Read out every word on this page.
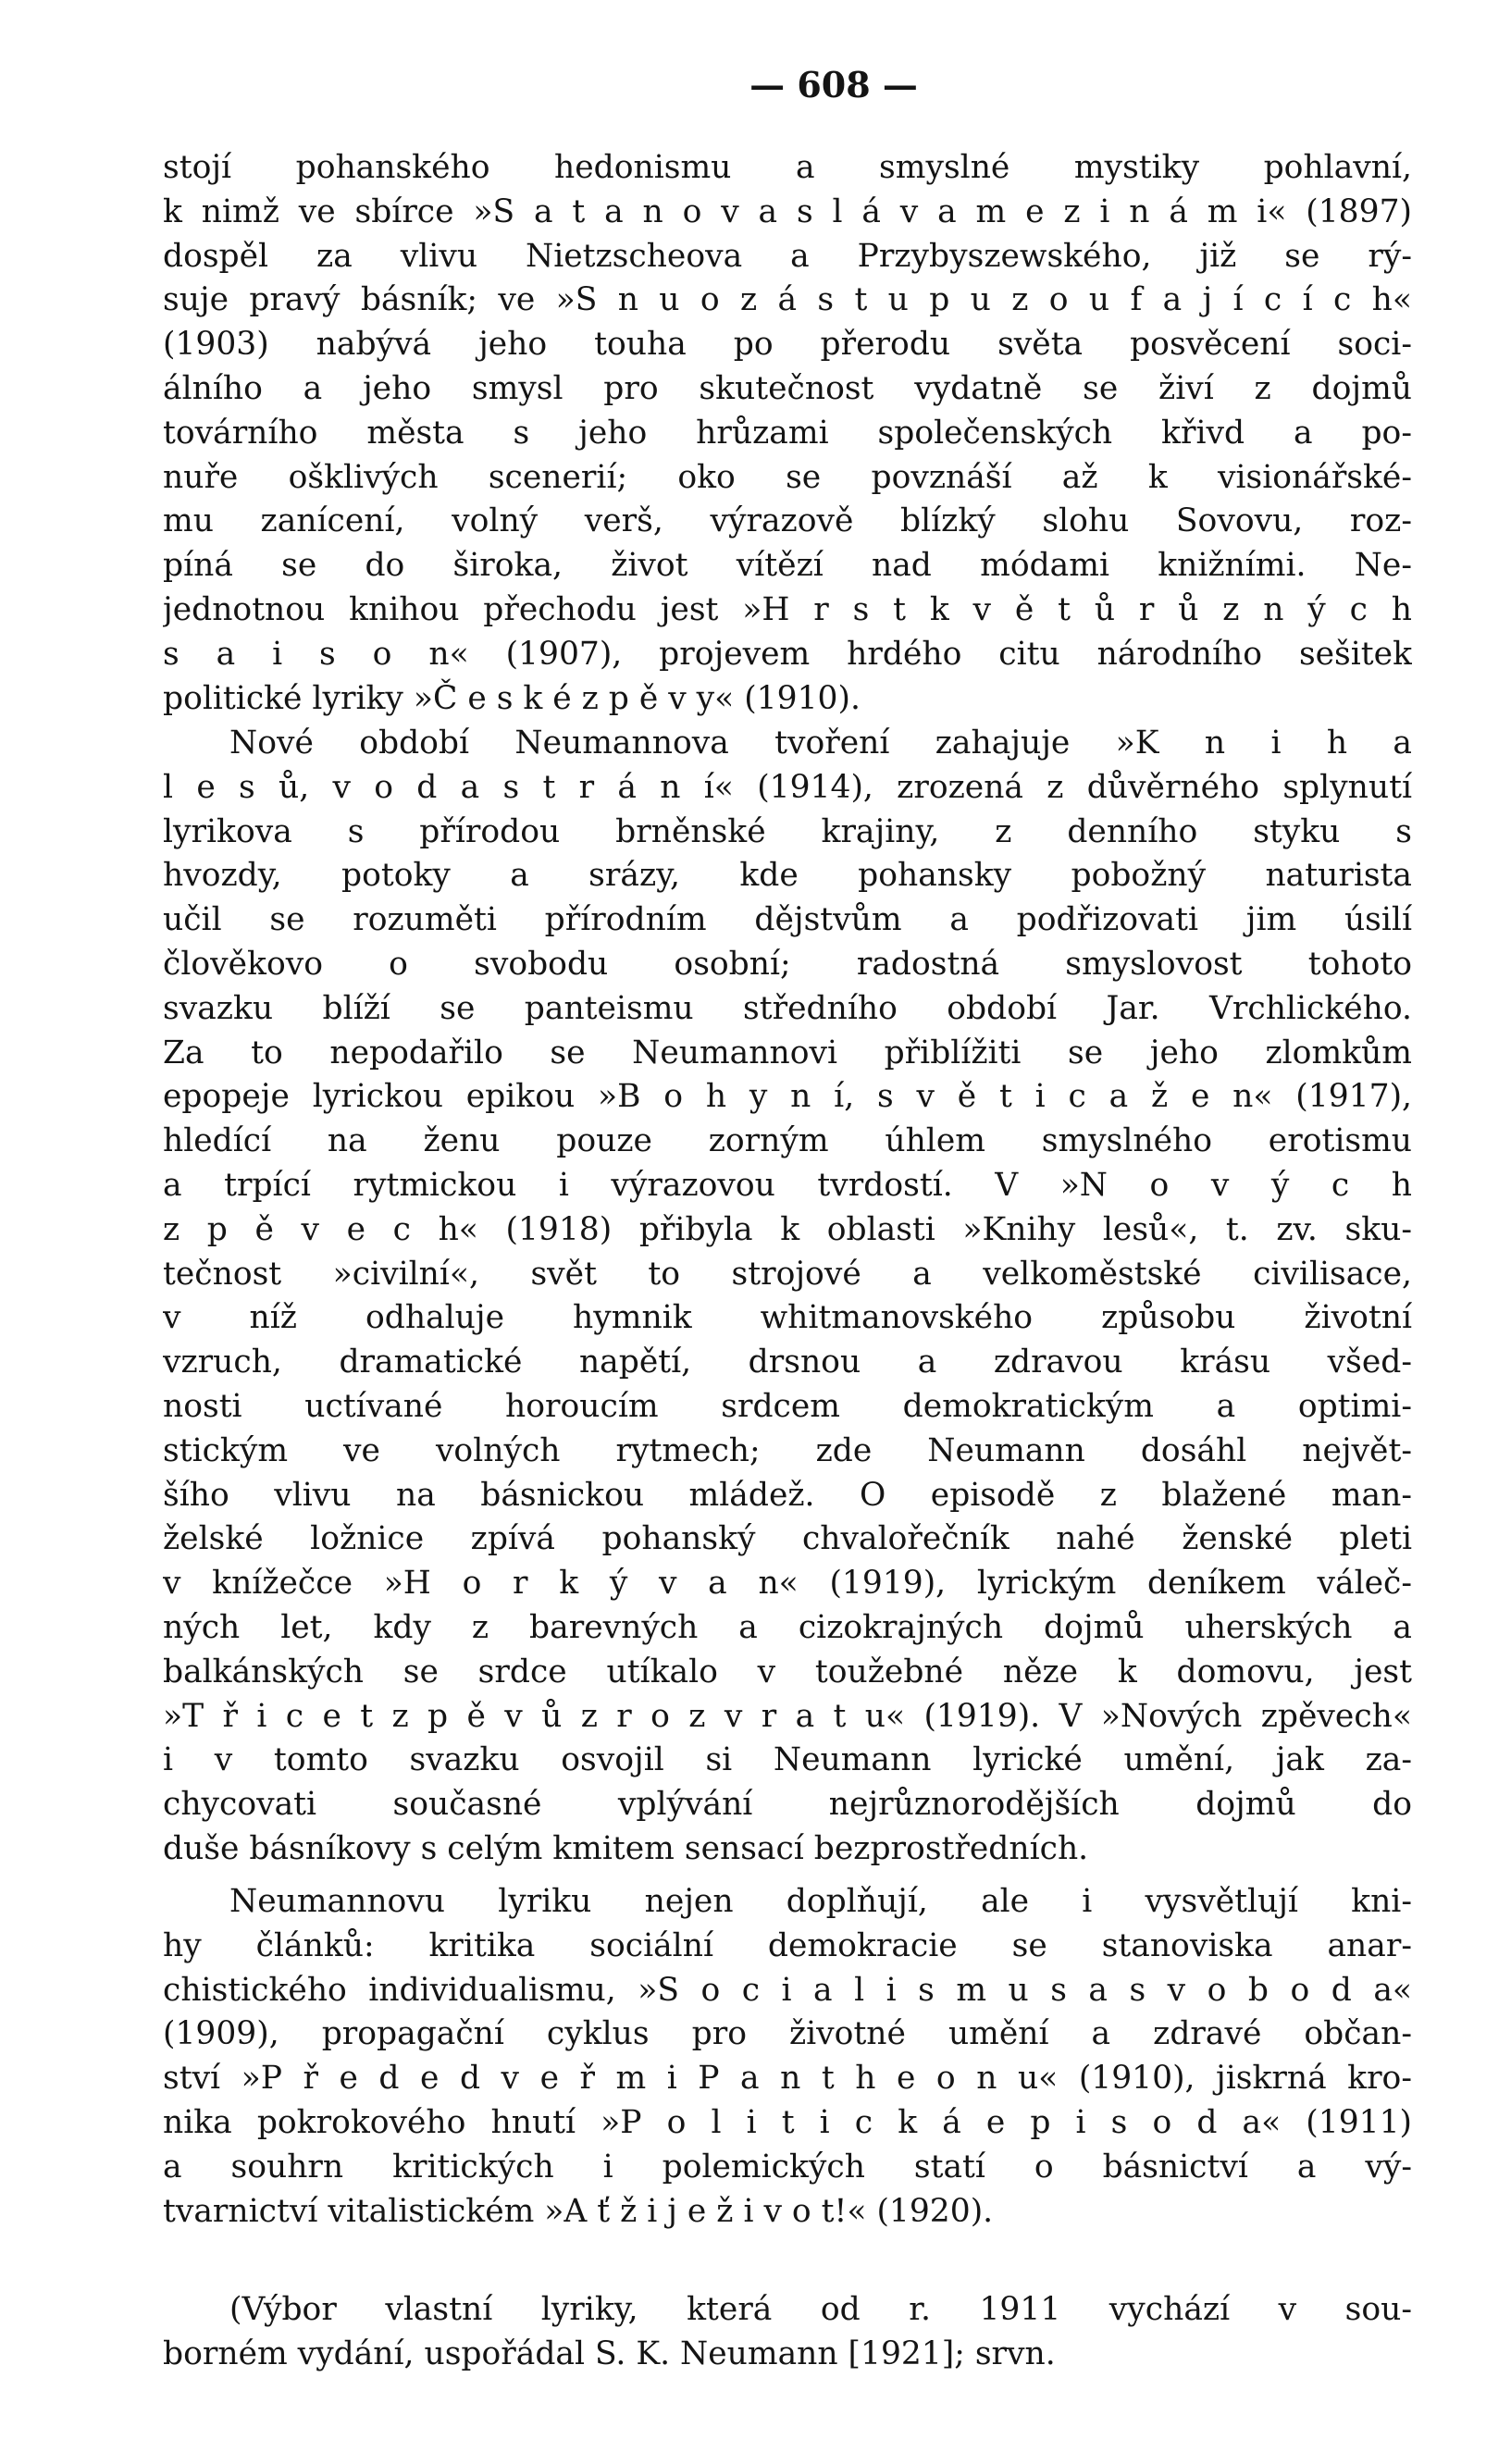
— 608 —
stojí pohanského hedonismu a smyslné mystiky pohlavní,
k nimž ve sbírce »S a t a n o v a s l á v a m e z i n á m i« (1897)
dospěl za vlivu Nietzscheova a Przybyszewského, již se rý-
suje pravý básník; ve »S n u o z á s t u p u z o u f a j í c í c h«
(1903) nabývá jeho touha po přerodu světa posvěcení soci-
álního a jeho smysl pro skutečnost vydatně se živí z dojmů
továrního města s jeho hrůzami společenských křivd a po-
nuře ošklivých scenerií; oko se povznáší až k visionářské-
mu zanícení, volný verš, výrazově blízký slohu Sovovu, roz-
píná se do široka, život vítězí nad módami knižními. Ne-
jednotnou knihou přechodu jest »H r s t k v ě t ů r ů z n ý c h
s a i s o n« (1907), projevem hrdého citu národního sešitek
politické lyriky »Č e s k é z p ě v y« (1910).
Nové období Neumannova tvoření zahajuje »K n i h a
l e s ů, v o d a s t r á n í« (1914), zrozená z důvěrného splynutí
lyrikova s přírodou brněnské krajiny, z denního styku s
hvozdy, potoky a srázy, kde pohansky pobožný naturista
učil se rozuměti přírodním dějstvům a podřizovati jim úsilí
člověkovo o svobodu osobní; radostná smyslovost tohoto
svazku blíží se panteismu středního období Jar. Vrchlického.
Za to nepodařilo se Neumannovi přiblížiti se jeho zlomkům
epopeje lyrickou epikou »B o h y n í, s v ě t i c a ž e n« (1917),
hledící na ženu pouze zorným úhlem smyslného erotismu
a trpící rytmickou i výrazovou tvrdostí. V »N o v ý c h
z p ě v e c h« (1918) přibyla k oblasti »Knihy lesů«, t. zv. sku-
tečnost »civilní«, svět to strojové a velkoměstské civilisace,
v níž odhaluje hymnik whitmanovského způsobu životní
vzruch, dramatické napětí, drsnou a zdravou krásu všed-
nosti uctívané horoucím srdcem demokratickým a optimi-
stickým ve volných rytmech; zde Neumann dosáhl největ-
šího vlivu na básnickou mládež. O episodě z blažené man-
želské ložnice zpívá pohanský chvalořečník nahé ženské pleti
v knížečce »H o r k ý v a n« (1919), lyrickým deníkem váleč-
ných let, kdy z barevných a cizokrajných dojmů uherských a
balkánských se srdce utíkalo v toužebné něze k domovu, jest
»T ř i c e t z p ě v ů z r o z v r a t u« (1919). V »Nových zpěvech«
i v tomto svazku osvojil si Neumann lyrické umění, jak za-
chycovati současné vplývání nejrůznorodějších dojmů do
duše básníkovy s celým kmitem sensací bezprostředních.
Neumannovu lyriku nejen doplňují, ale i vysvětlují kni-
hy článků: kritika sociální demokracie se stanoviska anar-
chistického individualismu, »S o c i a l i s m u s a s v o b o d a«
(1909), propagační cyklus pro životné umění a zdravé občan-
ství »P ř e d e d v e ř m i P a n t h e o n u« (1910), jiskrná kro-
nika pokrokového hnutí »P o l i t i c k á e p i s o d a« (1911)
a souhrn kritických i polemických statí o básnictví a vý-
tvarnictví vitalistickém »A ť ž i j e ž i v o t!« (1920).
(Výbor vlastní lyriky, která od r. 1911 vychází v sou-
borném vydání, uspořádal S. K. Neumann [1921]; srvn.
